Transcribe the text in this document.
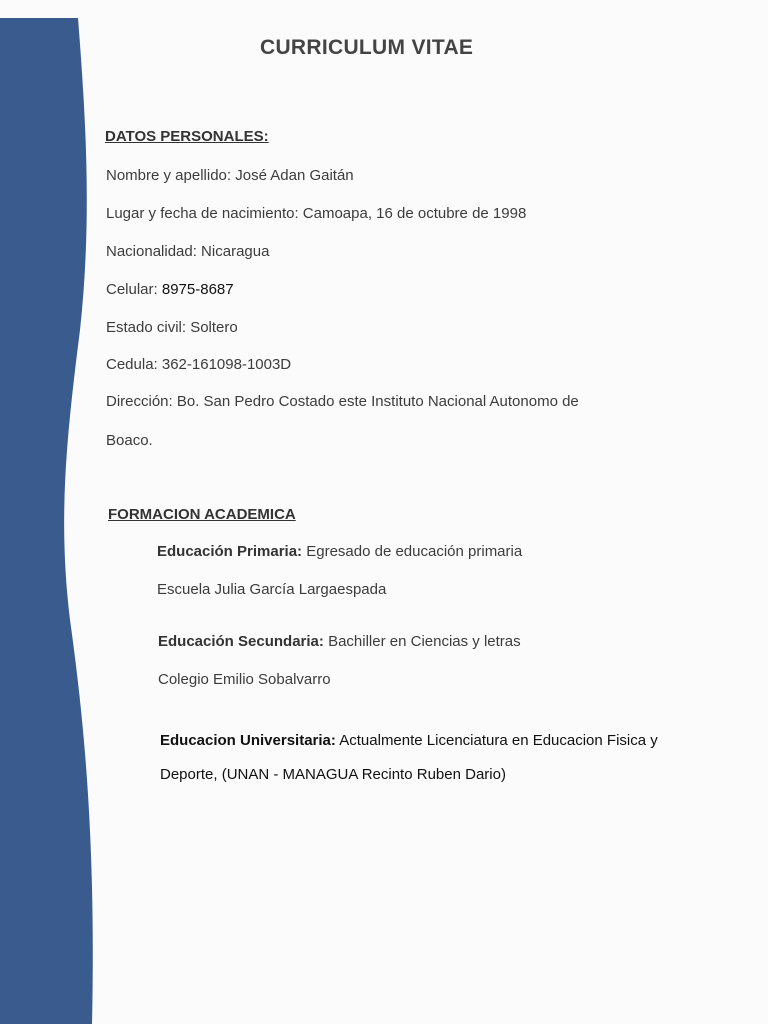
CURRICULUM VITAE
DATOS PERSONALES:
Nombre y apellido: José Adan Gaitán
Lugar y fecha de nacimiento: Camoapa, 16 de octubre de 1998
Nacionalidad: Nicaragua
Celular: 8975-8687
Estado civil: Soltero
Cedula: 362-161098-1003D
Dirección: Bo. San Pedro Costado este Instituto Nacional Autonomo de
Boaco.
FORMACION ACADEMICA
Educación Primaria: Egresado de educación primaria
Escuela Julia García Largaespada
Educación Secundaria: Bachiller en Ciencias y letras
Colegio Emilio Sobalvarro
Educacion Universitaria: Actualmente Licenciatura en Educacion Fisica y
Deporte, (UNAN - MANAGUA Recinto Ruben Dario)
